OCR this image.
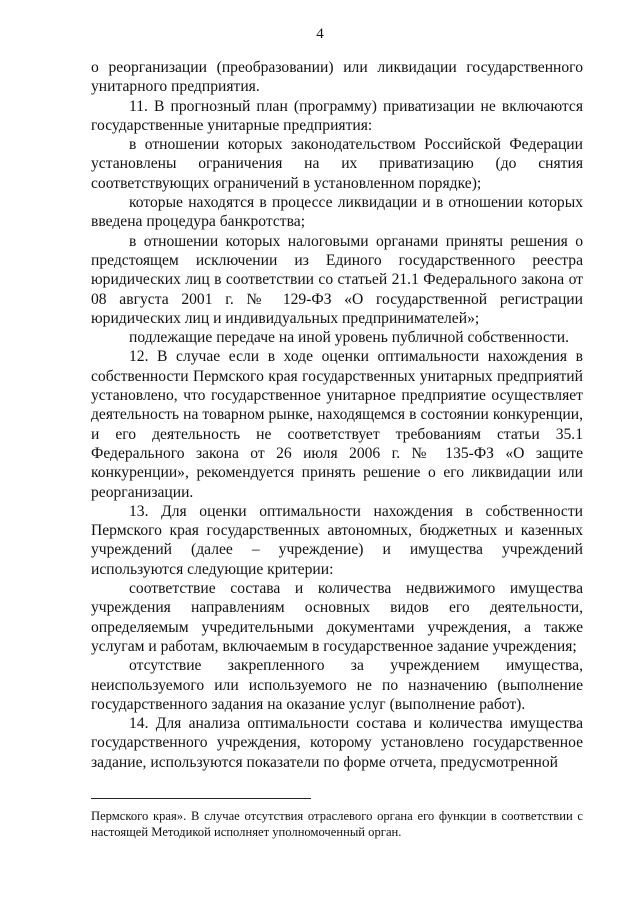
4

о реорганизации (преобразовании) или ликвидации государственного унитарного предприятия.

11. В прогнозный план (программу) приватизации не включаются государственные унитарные предприятия:

в отношении которых законодательством Российской Федерации установлены ограничения на их приватизацию (до снятия соответствующих ограничений в установленном порядке);

которые находятся в процессе ликвидации и в отношении которых введена процедура банкротства;

в отношении которых налоговыми органами приняты решения о предстоящем исключении из Единого государственного реестра юридических лиц в соответствии со статьей 21.1 Федерального закона от 08 августа 2001 г. № 129-ФЗ «О государственной регистрации юридических лиц и индивидуальных предпринимателей»;

подлежащие передаче на иной уровень публичной собственности.

12. В случае если в ходе оценки оптимальности нахождения в собственности Пермского края государственных унитарных предприятий установлено, что государственное унитарное предприятие осуществляет деятельность на товарном рынке, находящемся в состоянии конкуренции, и его деятельность не соответствует требованиям статьи 35.1 Федерального закона от 26 июля 2006 г. № 135-ФЗ «О защите конкуренции», рекомендуется принять решение о его ликвидации или реорганизации.

13. Для оценки оптимальности нахождения в собственности Пермского края государственных автономных, бюджетных и казенных учреждений (далее – учреждение) и имущества учреждений используются следующие критерии:

соответствие состава и количества недвижимого имущества учреждения направлениям основных видов его деятельности, определяемым учредительными документами учреждения, а также услугам и работам, включаемым в государственное задание учреждения;

отсутствие закрепленного за учреждением имущества, неиспользуемого или используемого не по назначению (выполнение государственного задания на оказание услуг (выполнение работ).

14. Для анализа оптимальности состава и количества имущества государственного учреждения, которому установлено государственное задание, используются показатели по форме отчета, предусмотренной

Пермского края». В случае отсутствия отраслевого органа его функции в соответствии с настоящей Методикой исполняет уполномоченный орган.
